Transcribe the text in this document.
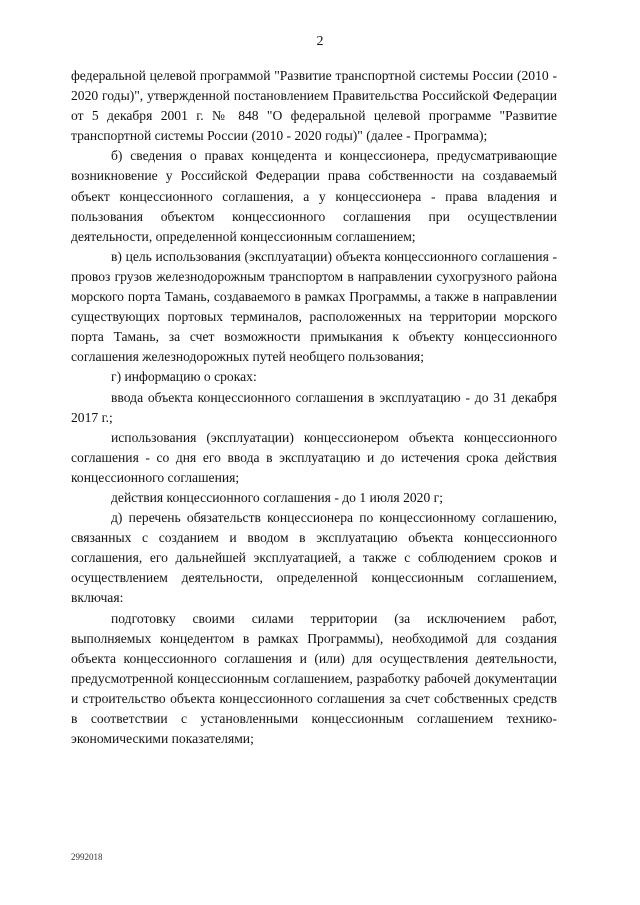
2

федеральной целевой программой "Развитие транспортной системы России (2010 - 2020 годы)", утвержденной постановлением Правительства Российской Федерации от 5 декабря 2001 г. № 848 "О федеральной целевой программе "Развитие транспортной системы России (2010 - 2020 годы)" (далее - Программа);

б) сведения о правах концедента и концессионера, предусматривающие возникновение у Российской Федерации права собственности на создаваемый объект концессионного соглашения, а у концессионера - права владения и пользования объектом концессионного соглашения при осуществлении деятельности, определенной концессионным соглашением;

в) цель использования (эксплуатации) объекта концессионного соглашения - провоз грузов железнодорожным транспортом в направлении сухогрузного района морского порта Тамань, создаваемого в рамках Программы, а также в направлении существующих портовых терминалов, расположенных на территории морского порта Тамань, за счет возможности примыкания к объекту концессионного соглашения железнодорожных путей необщего пользования;

г) информацию о сроках:

ввода объекта концессионного соглашения в эксплуатацию - до 31 декабря 2017 г.;

использования (эксплуатации) концессионером объекта концессионного соглашения - со дня его ввода в эксплуатацию и до истечения срока действия концессионного соглашения;

действия концессионного соглашения - до 1 июля 2020 г;

д) перечень обязательств концессионера по концессионному соглашению, связанных с созданием и вводом в эксплуатацию объекта концессионного соглашения, его дальнейшей эксплуатацией, а также с соблюдением сроков и осуществлением деятельности, определенной концессионным соглашением, включая:

подготовку своими силами территории (за исключением работ, выполняемых концедентом в рамках Программы), необходимой для создания объекта концессионного соглашения и (или) для осуществления деятельности, предусмотренной концессионным соглашением, разработку рабочей документации и строительство объекта концессионного соглашения за счет собственных средств в соответствии с установленными концессионным соглашением технико-экономическими показателями;

2992018
